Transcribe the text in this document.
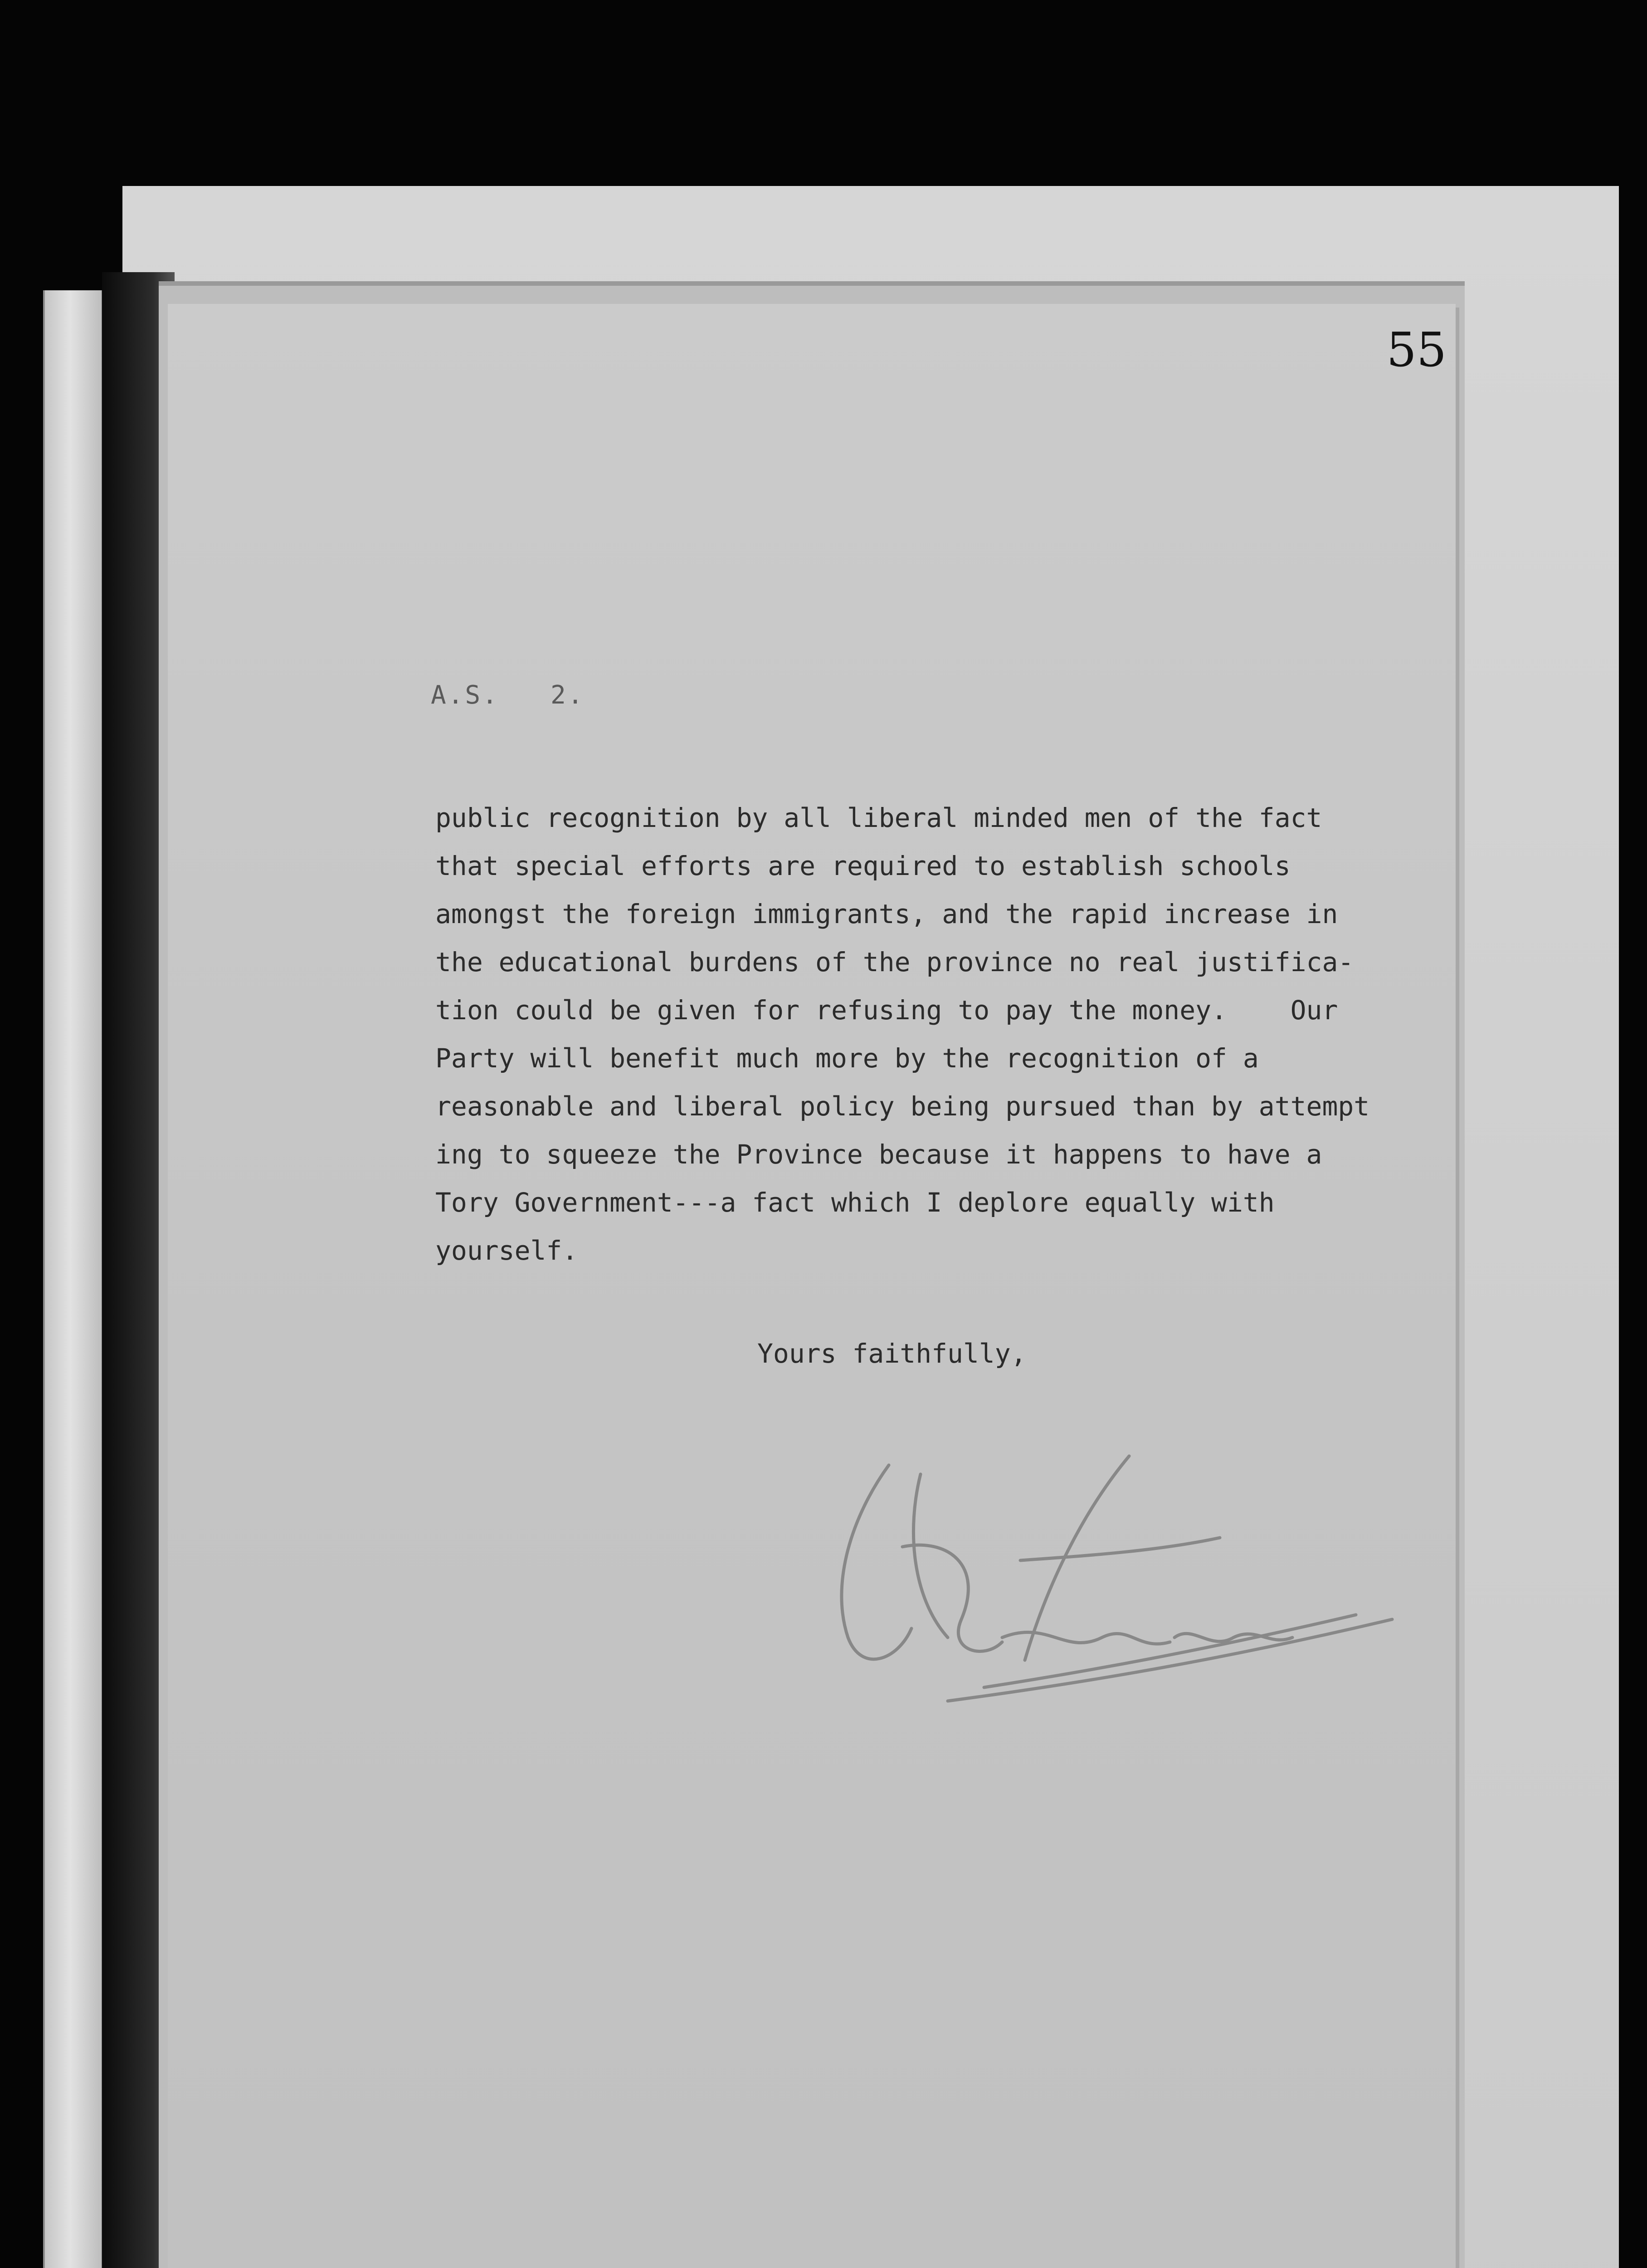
55
A.S.   2.
public recognition by all liberal minded men of the fact
that special efforts are required to establish schools
amongst the foreign immigrants, and the rapid increase in
the educational burdens of the province no real justifica-
tion could be given for refusing to pay the money.    Our
Party will benefit much more by the recognition of a
reasonable and liberal policy being pursued than by attempt
ing to squeeze the Province because it happens to have a
Tory Government---a fact which I deplore equally with
yourself.
Yours faithfully,
